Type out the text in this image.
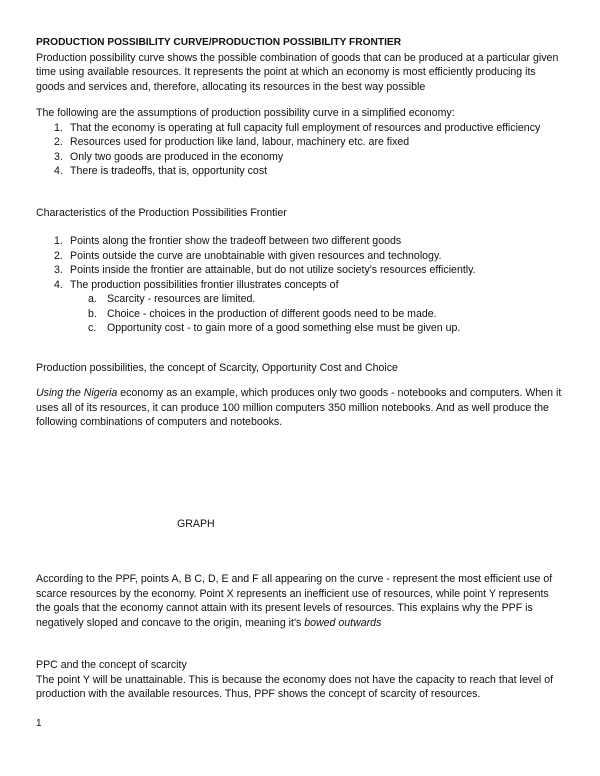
PRODUCTION POSSIBILITY CURVE/PRODUCTION POSSIBILITY FRONTIER

Production possibility curve shows the possible combination of goods that can be produced at a particular given time using available resources. It represents the point at which an economy is most efficiently producing its goods and services and, therefore, allocating its resources in the best way possible

The following are the assumptions of production possibility curve in a simplified economy:

1. That the economy is operating at full capacity full employment of resources and productive efficiency
2. Resources used for production like land, labour, machinery etc. are fixed
3. Only two goods are produced in the economy
4. There is tradeoffs, that is, opportunity cost

Characteristics of the Production Possibilities Frontier

1. Points along the frontier show the tradeoff between two different goods
2. Points outside the curve are unobtainable with given resources and technology.
3. Points inside the frontier are attainable, but do not utilize society's resources efficiently.
4. The production possibilities frontier illustrates concepts of
a. Scarcity - resources are limited.
b. Choice - choices in the production of different goods need to be made.
c. Opportunity cost - to gain more of a good something else must be given up.

Production possibilities, the concept of Scarcity, Opportunity Cost and Choice

Using the Nigeria economy as an example, which produces only two goods - notebooks and computers. When it uses all of its resources, it can produce 100 million computers 350 million notebooks. And as well produce the following combinations of computers and notebooks.

GRAPH

According to the PPF, points A, B C, D, E and F all appearing on the curve - represent the most efficient use of scarce resources by the economy. Point X represents an inefficient use of resources, while point Y represents the goals that the economy cannot attain with its present levels of resources. This explains why the PPF is negatively sloped and concave to the origin, meaning it's bowed outwards

PPC and the concept of scarcity

The point Y will be unattainable. This is because the economy does not have the capacity to reach that level of production with the available resources. Thus, PPF shows the concept of scarcity of resources.

1
